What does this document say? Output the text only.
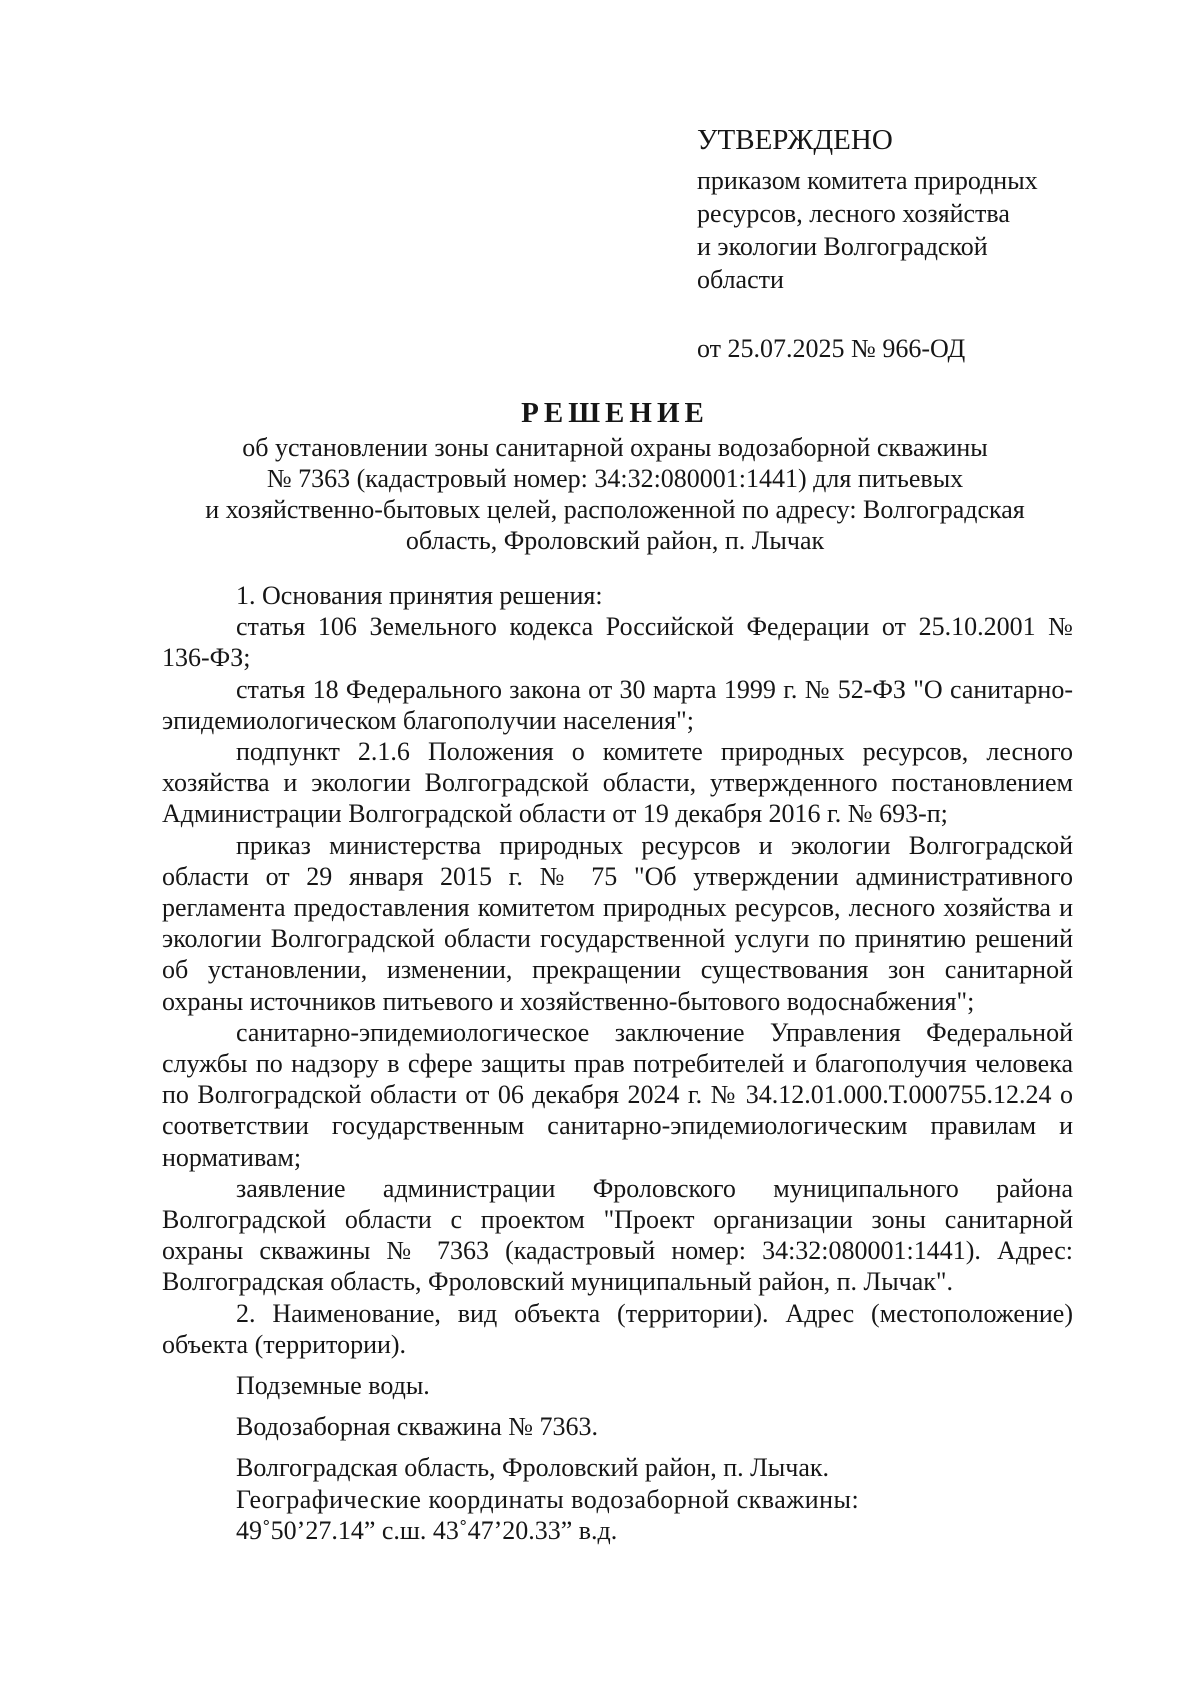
УТВЕРЖДЕНО
приказом комитета природных
ресурсов, лесного хозяйства
и экологии Волгоградской
области
от 25.07.2025 № 966-ОД
РЕШЕНИЕ
об установлении зоны санитарной охраны водозаборной скважины
№ 7363 (кадастровый номер: 34:32:080001:1441) для питьевых
и хозяйственно-бытовых целей, расположенной по адресу: Волгоградская
область, Фроловский район, п. Лычак

1. Основания принятия решения:

статья 106 Земельного кодекса Российской Федерации от 25.10.2001 № 136-ФЗ;

статья 18 Федерального закона от 30 марта 1999 г. № 52-ФЗ "О санитарно-эпидемиологическом благополучии населения";

подпункт 2.1.6 Положения о комитете природных ресурсов, лесного хозяйства и экологии Волгоградской области, утвержденного постановлением Администрации Волгоградской области от 19 декабря 2016 г. № 693-п;

приказ министерства природных ресурсов и экологии Волгоградской области от 29 января 2015 г. № 75 "Об утверждении административного регламента предоставления комитетом природных ресурсов, лесного хозяйства и экологии Волгоградской области государственной услуги по принятию решений об установлении, изменении, прекращении существования зон санитарной охраны источников питьевого и хозяйственно-бытового водоснабжения";

санитарно-эпидемиологическое заключение Управления Федеральной службы по надзору в сфере защиты прав потребителей и благополучия человека по Волгоградской области от 06 декабря 2024 г. № 34.12.01.000.Т.000755.12.24 о соответствии государственным санитарно-эпидемиологическим правилам и нормативам;

заявление администрации Фроловского муниципального района Волгоградской области с проектом "Проект организации зоны санитарной охраны скважины № 7363 (кадастровый номер: 34:32:080001:1441). Адрес: Волгоградская область, Фроловский муниципальный район, п. Лычак".

2. Наименование, вид объекта (территории). Адрес (местоположение) объекта (территории).

Подземные воды.

Водозаборная скважина № 7363.

Волгоградская область, Фроловский район, п. Лычак.

Географические координаты водозаборной скважины:

49˚50’27.14” с.ш. 43˚47’20.33” в.д.
